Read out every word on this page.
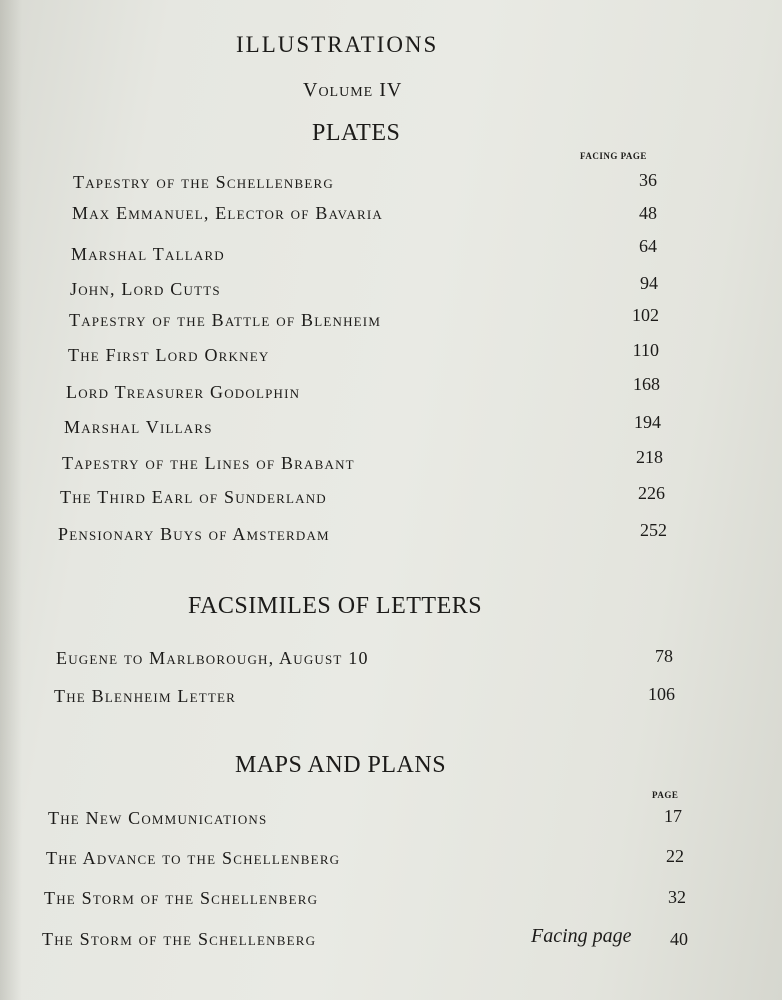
ILLUSTRATIONS
Volume IV
PLATES
FACING PAGE
Tapestry of the Schellenberg	36
Max Emmanuel, Elector of Bavaria	48
Marshal Tallard	64
John, Lord Cutts	94
Tapestry of the Battle of Blenheim	102
The First Lord Orkney	110
Lord Treasurer Godolphin	168
Marshal Villars	194
Tapestry of the Lines of Brabant	218
The Third Earl of Sunderland	226
Pensionary Buys of Amsterdam	252
FACSIMILES OF LETTERS
Eugene to Marlborough, August 10	78
The Blenheim Letter	106
MAPS AND PLANS
PAGE
The New Communications	17
The Advance to the Schellenberg	22
The Storm of the Schellenberg	32
The Storm of the Schellenberg	Facing page	40
